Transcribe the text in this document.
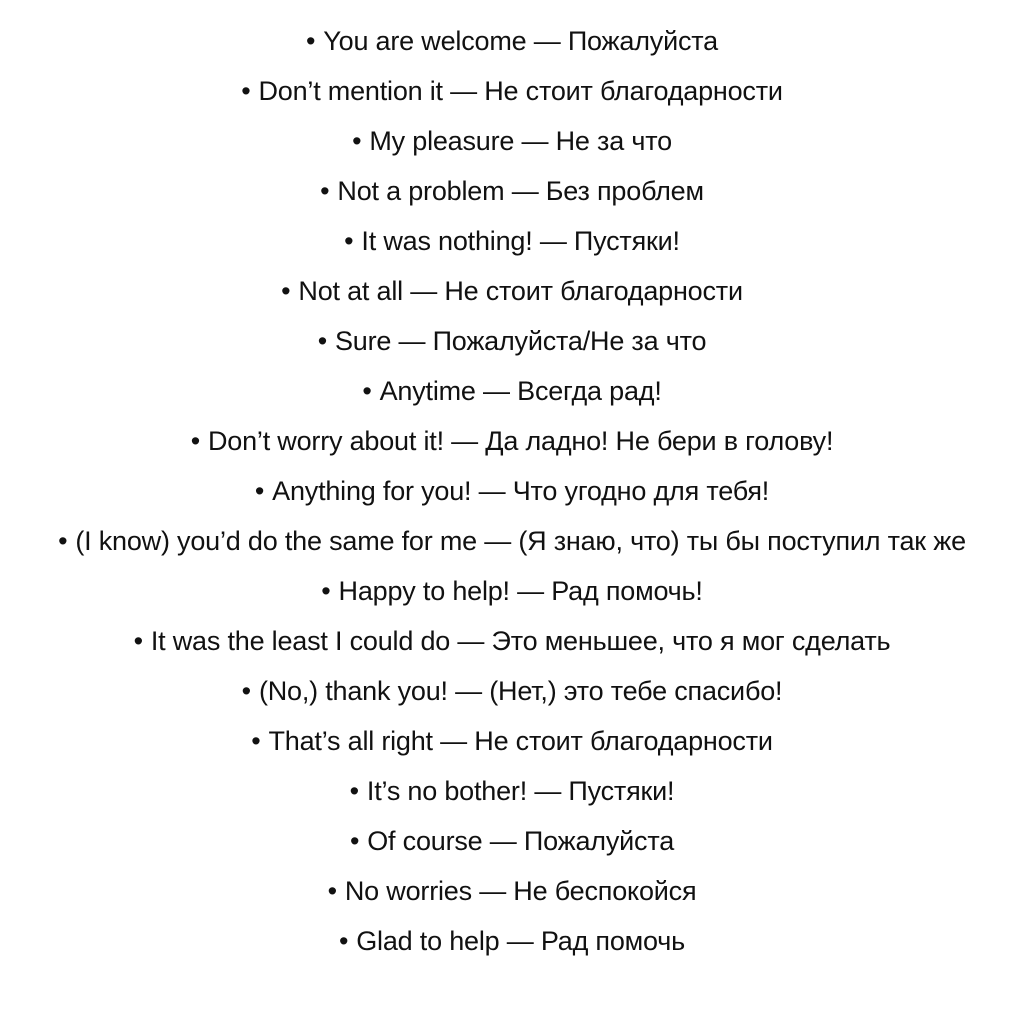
• You are welcome — Пожалуйста
• Don’t mention it — Не стоит благодарности
• My pleasure — Не за что
• Not a problem — Без проблем
• It was nothing! — Пустяки!
• Not at all — Не стоит благодарности
• Sure — Пожалуйста/Не за что
• Anytime — Всегда рад!
• Don’t worry about it! — Да ладно! Не бери в голову!
• Anything for you! — Что угодно для тебя!
• (I know) you’d do the same for me — (Я знаю, что) ты бы поступил так же
• Happy to help! — Рад помочь!
• It was the least I could do — Это меньшее, что я мог сделать
• (No,) thank you! — (Нет,) это тебе спасибо!
• That’s all right — Не стоит благодарности
• It’s no bother! — Пустяки!
• Of course — Пожалуйста
• No worries — Не беспокойся
• Glad to help — Рад помочь
